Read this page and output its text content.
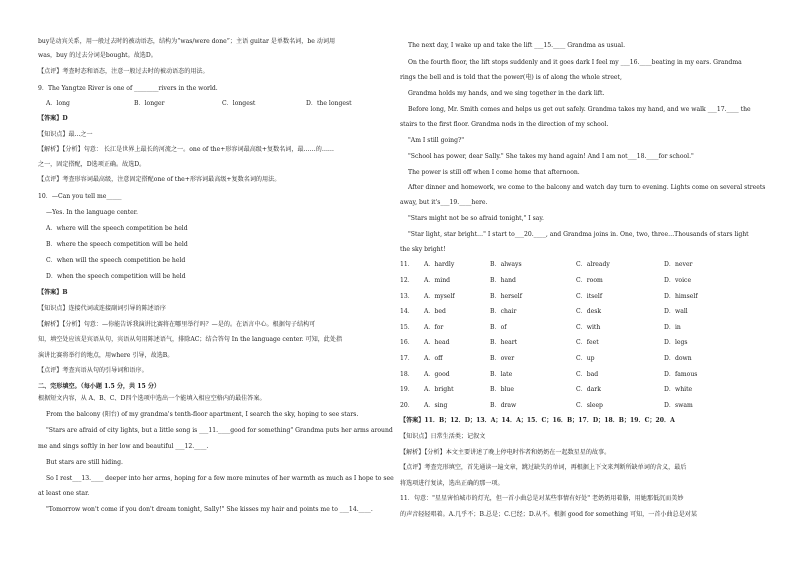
buy是动宾关系，用一般过去时的被动语态，结构为“was/were done”；主语 guitar 是单数名词，be 动词用
was，buy 的过去分词是bought。故选D。
【点评】考查时态和语态，注意一般过去时的被动语态的用法。
9．The Yangtze River is one of ________rivers in the world.
【答案】D
【知识点】最...之一
【解析】【分析】句意： 长江是世界上最长的河流之一。one of the+形容词最高级+复数名词，最……的……
之一，固定搭配，D选项正确。故选D。
【点评】考查形容词最高级，注意固定搭配one of the+形容词最高级+复数名词的用法。
10．—Can you tell me_____
—Yes. In the language center.
A．where will the speech competition be held
B．where the speech competition will be held
C．when will the speech competition be held
D．when the speech competition will be held
【答案】B
【知识点】连接代词或连接副词引导的陈述语序
【解析】【分析】句意：—你能告诉我演讲比赛将在哪里举行吗？—是的。在语言中心。根据句子结构可
知，填空处应该是宾语从句，宾语从句用陈述语气，排除AC；结合答句 In the language center. 可知，此处指
演讲比赛将举行的地点，用where 引导，故选B。
【点评】考查宾语从句的引导词和语序。
二、完形填空。（每小题 1.5 分，共 15 分）
根据短文内容，从 A、B、C、D四个选项中选出一个能填入相应空格内的最佳答案。
From the balcony (阳台) of my grandma's tenth-floor apartment, I search the sky, hoping to see stars.
"Stars are afraid of city lights, but a little song is ___11.____good for something" Grandma puts her arms around
me and sings softly in her low and beautiful ___12.____.
But stars are still hiding.
So I rest___13.____ deeper into her arms, hoping for a few more minutes of her warmth as much as I hope to see
at least one star.
"Tomorrow won't come if you don't dream tonight, Sally!" She kisses my hair and points me to ___14.____.
A．long	B．longer	C．longest	D．the longest
The next day, I wake up and take the lift ___15.____ Grandma as usual.
On the fourth floor, the lift stops suddenly and it goes dark I feel my ___16.____beating in my ears. Grandma
rings the bell and is told that the power(电) is of along the whole street,
Grandma holds my hands, and we sing together in the dark lift.
Before long, Mr. Smith comes and helps us get out safely. Grandma takes my hand, and we walk ___17.____ the
stairs to the first floor. Grandma nods in the direction of my school.
"Am I still going?"
"School has power, dear Sally." She takes my hand again! And I am not___18.____for school."
The power is still off when I come home that afternoon.
After dinner and homework, we come to the balcony and watch day turn to evening. Lights come on several streets
away, but it's___19.____here.
"Stars might not be so afraid tonight," I say.
"Star light, star bright…" I start to___20.____, and Grandma joins in. One, two, three…Thousands of stars light
the sky bright!
11． A．hardly	B．always	C．already	D．never
12． A．mind	B．hand	C．room	D．voice
13． A．myself	B．herself	C．itself	D．himself
14． A．bed	B．chair	C．desk	D．wall
15． A．for	B．of	C．with	D．in
16． A．head	B．heart	C．feet	D．legs
17． A．off	B．over	C．up	D．down
18． A．good	B．late	C．bad	D．famous
19． A．bright	B．blue	C．dark	D．white
20． A．sing	B．draw	C．sleep	D．swam
【答案】11．B；12．D；13．A；14．A；15．C；16．B；17．D；18．B；19．C；20．A
【知识点】日常生活类；记叙文
【解析】【分析】本文主要讲述了晚上停电时作者和奶奶在一起数星星的故事。
【点评】考查完形填空，首先通读一遍文章，跳过缺失的单词，再根据上下文来判断所缺单词的含义，最后
将选项进行复读，选出正确的那一项。
11．句意："星星害怕城市的灯光，但一首小曲总是对某些事情有好处" 老奶奶用着胳，用她那低沉而美妙
的声音轻轻唱着。A.几乎不；B.总是；C.已经；D.从不。根据 good for something 可知，一首小曲总是对某
